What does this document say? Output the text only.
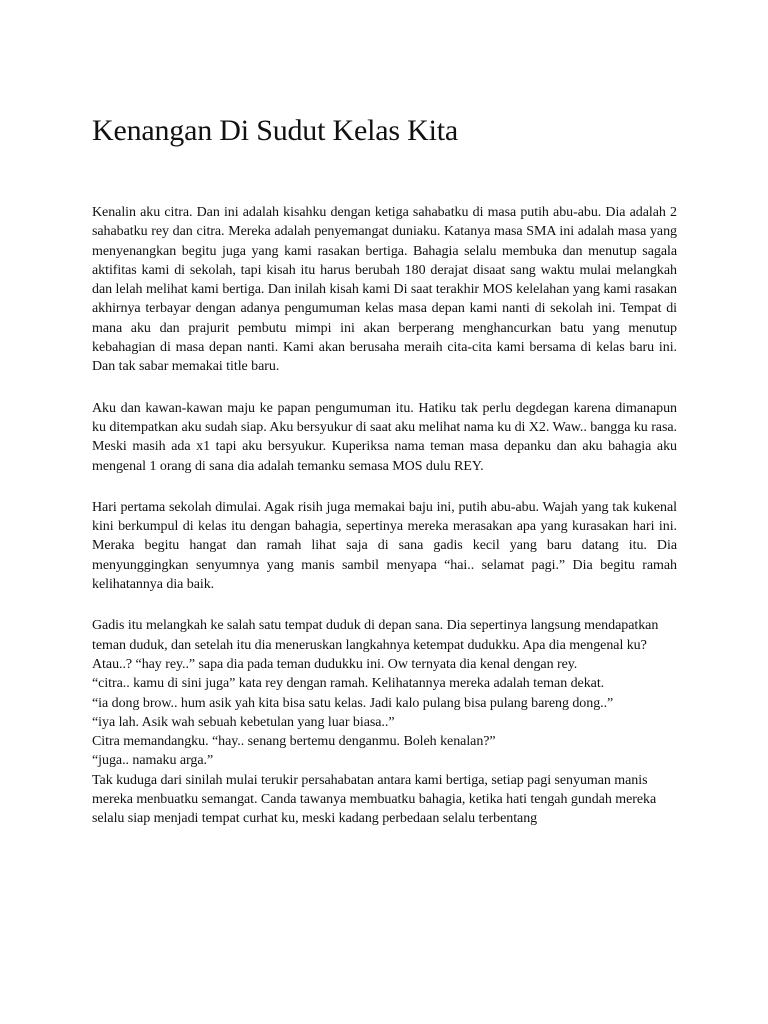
Kenangan Di Sudut Kelas Kita

Kenalin aku citra. Dan ini adalah kisahku dengan ketiga sahabatku di masa putih abu-abu. Dia adalah 2 sahabatku rey dan citra. Mereka adalah penyemangat duniaku. Katanya masa SMA ini adalah masa yang menyenangkan begitu juga yang kami rasakan bertiga. Bahagia selalu membuka dan menutup sagala aktifitas kami di sekolah, tapi kisah itu harus berubah 180 derajat disaat sang waktu mulai melangkah dan lelah melihat kami bertiga. Dan inilah kisah kami Di saat terakhir MOS kelelahan yang kami rasakan akhirnya terbayar dengan adanya pengumuman kelas masa depan kami nanti di sekolah ini. Tempat di mana aku dan prajurit pembutu mimpi ini akan berperang menghancurkan batu yang menutup kebahagian di masa depan nanti. Kami akan berusaha meraih cita-cita kami bersama di kelas baru ini. Dan tak sabar memakai title baru.

Aku dan kawan-kawan maju ke papan pengumuman itu. Hatiku tak perlu degdegan karena dimanapun ku ditempatkan aku sudah siap. Aku bersyukur di saat aku melihat nama ku di X2. Waw.. bangga ku rasa. Meski masih ada x1 tapi aku bersyukur. Kuperiksa nama teman masa depanku dan aku bahagia aku mengenal 1 orang di sana dia adalah temanku semasa MOS dulu REY.

Hari pertama sekolah dimulai. Agak risih juga memakai baju ini, putih abu-abu. Wajah yang tak kukenal kini berkumpul di kelas itu dengan bahagia, sepertinya mereka merasakan apa yang kurasakan hari ini. Meraka begitu hangat dan ramah lihat saja di sana gadis kecil yang baru datang itu. Dia menyunggingkan senyumnya yang manis sambil menyapa “hai.. selamat pagi.” Dia begitu ramah kelihatannya dia baik.

Gadis itu melangkah ke salah satu tempat duduk di depan sana. Dia sepertinya langsung mendapatkan teman duduk, dan setelah itu dia meneruskan langkahnya ketempat dudukku. Apa dia mengenal ku? Atau..? “hay rey..” sapa dia pada teman dudukku ini. Ow ternyata dia kenal dengan rey.

“citra.. kamu di sini juga” kata rey dengan ramah. Kelihatannya mereka adalah teman dekat.

“ia dong brow.. hum asik yah kita bisa satu kelas. Jadi kalo pulang bisa pulang bareng dong..”

“iya lah. Asik wah sebuah kebetulan yang luar biasa..”

Citra memandangku. “hay.. senang bertemu denganmu. Boleh kenalan?”

“juga.. namaku arga.”

Tak kuduga dari sinilah mulai terukir persahabatan antara kami bertiga, setiap pagi senyuman manis mereka menbuatku semangat. Canda tawanya membuatku bahagia, ketika hati tengah gundah mereka selalu siap menjadi tempat curhat ku, meski kadang perbedaan selalu terbentang
